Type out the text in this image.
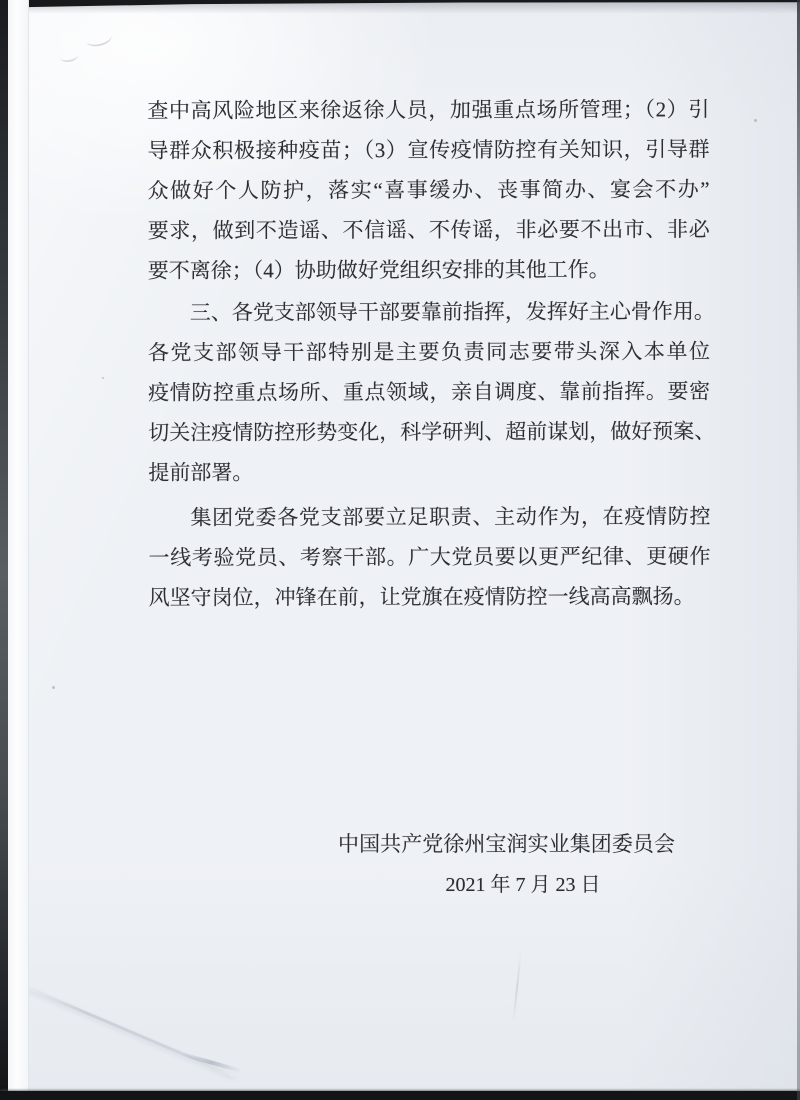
查中高风险地区来徐返徐人员，加强重点场所管理；（2）引
导群众积极接种疫苗；（3）宣传疫情防控有关知识，引导群
众做好个人防护，落实“喜事缓办、丧事简办、宴会不办”
要求，做到不造谣、不信谣、不传谣，非必要不出市、非必
要不离徐；（4）协助做好党组织安排的其他工作。
三、各党支部领导干部要靠前指挥，发挥好主心骨作用。
各党支部领导干部特别是主要负责同志要带头深入本单位
疫情防控重点场所、重点领域，亲自调度、靠前指挥。要密
切关注疫情防控形势变化，科学研判、超前谋划，做好预案、
提前部署。
集团党委各党支部要立足职责、主动作为，在疫情防控
一线考验党员、考察干部。广大党员要以更严纪律、更硬作
风坚守岗位，冲锋在前，让党旗在疫情防控一线高高飘扬。
中国共产党徐州宝润实业集团委员会
2021 年 7 月 23 日
